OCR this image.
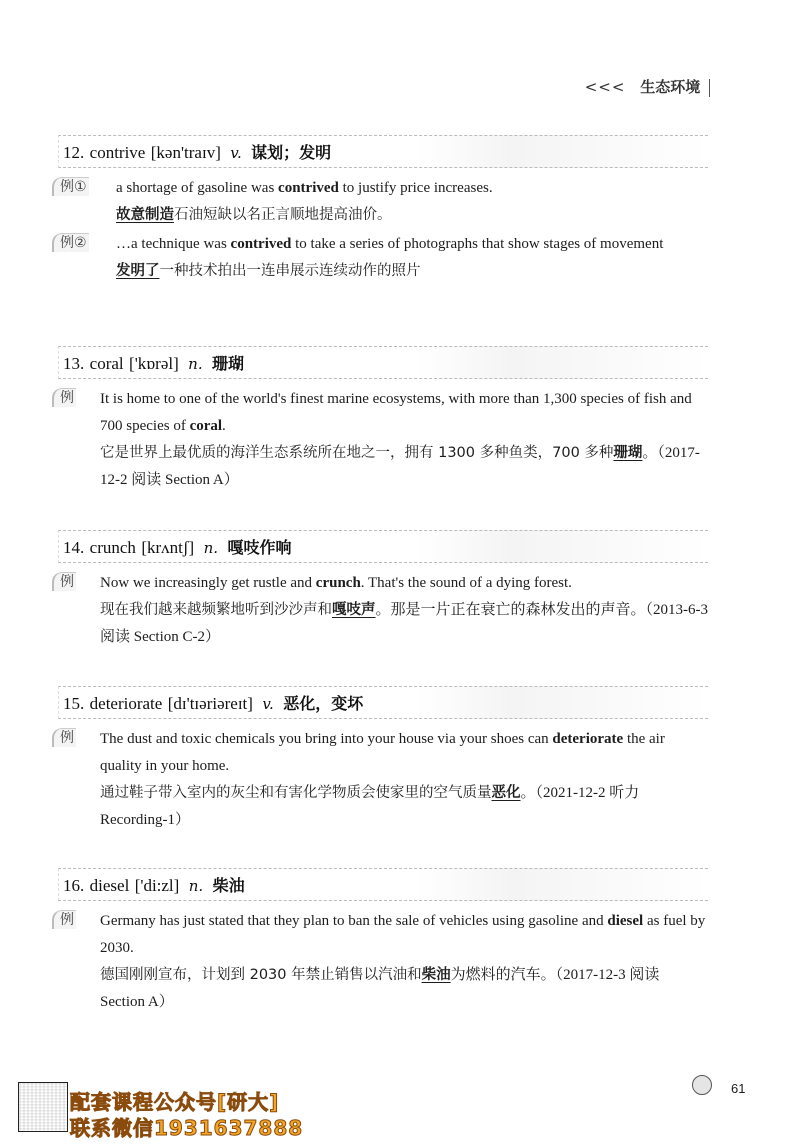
<<< 生态环境
12. contrive [kən'traɪv] v. 谋划；发明
例① a shortage of gasoline was contrived to justify price increases.
故意制造石油短缺以名正言顺地提高油价。
例② …a technique was contrived to take a series of photographs that show stages of movement
发明了一种技术拍出一连串展示连续动作的照片
13. coral ['kɒrəl] n. 珊瑚
例 It is home to one of the world's finest marine ecosystems, with more than 1,300 species of fish and 700 species of coral.
它是世界上最优质的海洋生态系统所在地之一，拥有 1300 多种鱼类，700 多种珊瑚。（2017-12-2 阅读 Section A）
14. crunch [krʌntʃ] n. 嘎吱作响
例 Now we increasingly get rustle and crunch. That's the sound of a dying forest.
现在我们越来越频繁地听到沙沙声和嘎吱声。那是一片正在衰亡的森林发出的声音。（2013-6-3 阅读 Section C-2）
15. deteriorate [dɪ'tɪəriəreɪt] v. 恶化，变坏
例 The dust and toxic chemicals you bring into your house via your shoes can deteriorate the air quality in your home.
通过鞋子带入室内的灰尘和有害化学物质会使家里的空气质量恶化。（2021-12-2 听力 Recording-1）
16. diesel ['di:zl] n. 柴油
例 Germany has just stated that they plan to ban the sale of vehicles using gasoline and diesel as fuel by 2030.
德国刚刚宣布，计划到 2030 年禁止销售以汽油和柴油为燃料的汽车。（2017-12-3 阅读 Section A）
61
配套课程公众号[研大]
联系微信1931637888
